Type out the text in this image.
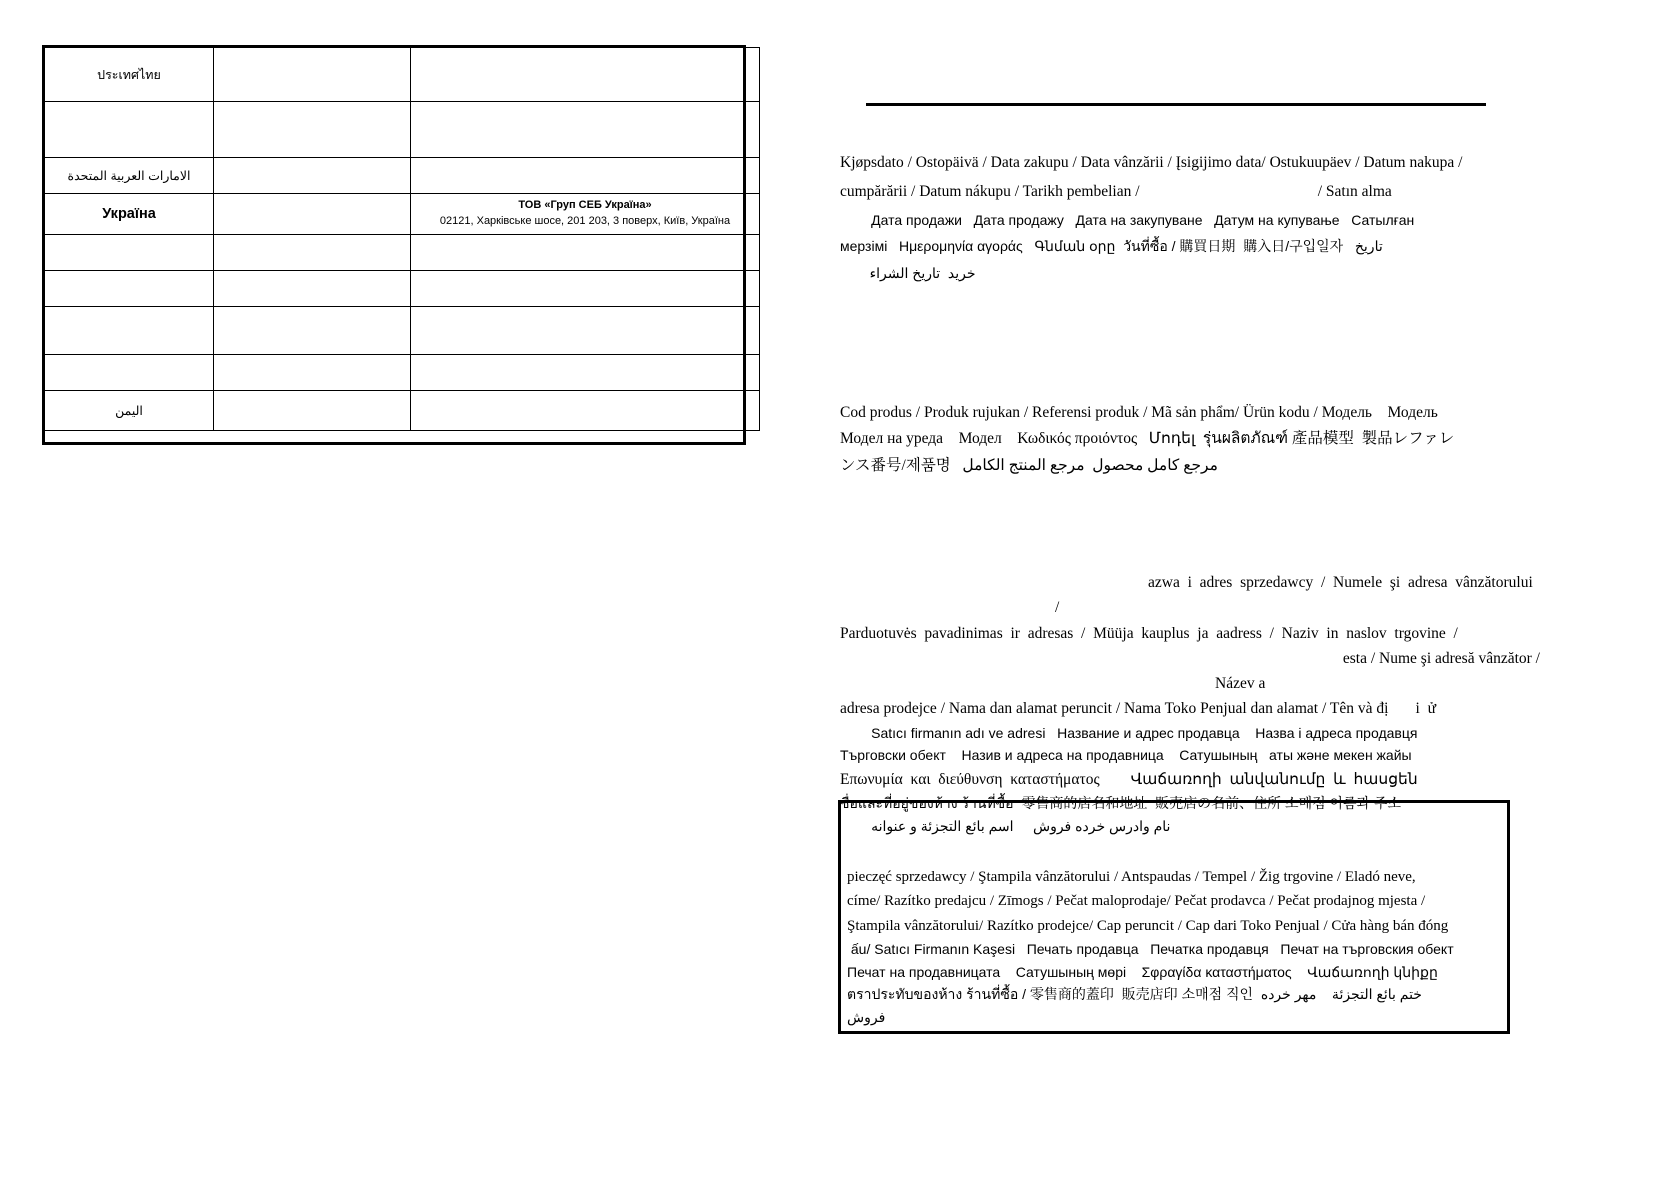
ประเทศไทย		

الامارات العربية المتحدة		
Україна		ТОВ «Груп СЕБ Україна»
02121, Харківське шосе, 201 203, 3 поверх, Київ, Україна

اليمن		
Kjøpsdato / Ostopäivä / Data zakupu / Data vânzării / Įsigijimo data/ Ostukuupäev / Datum nakupa /
cumpărării / Datum nákupu / Tarikh pembelian /                                              / Satın alma
Дата продажи   Дата продажу   Дата на закупуване   Датум на купување   Сатылған
мерзімі   Ημερομηνία αγοράς   Գնման օրը  วันที่ซื้อ / 購買日期  購入日/구입일자   تاريخ
خريد  تاريخ الشراء
Cod produs / Produk rujukan / Referensi produk / Mã sản phẩm/ Ürün kodu / Модель    Модель
Модел на уреда    Модел    Κωδικός προιόντος   Մոդել  รุ่นผลิตภัณฑ์ 產品模型  製品レファレ
ンス番号/제품명   مرجع كامل محصول  مرجع المنتج الكامل
azwa  i  adres  sprzedawcy  /  Numele  şi  adresa  vânzătorului  /
Parduotuvės  pavadinimas  ir  adresas  /  Müüja  kauplus  ja  aadress  /  Naziv  in  naslov  trgovine  /
esta / Nume şi adresă vânzător / Název a
adresa prodejce / Nama dan alamat peruncit / Nama Toko Penjual dan alamat / Tên và đị       i  ử
Satıcı firmanın adı ve adresi   Название и адрес продавца    Назва і адреса продавця
Търговски обект    Назив и адреса на продавница    Сатушының   аты және мекен жайы
Επωνυμία  και  διεύθυνση  καταστήματος        Վաճառողի  անվանումը  և  հասցեն
ชื่อและที่อยู่ของห้าง ร้านที่ซื้อ  零售商的店名和地址  販売店の名前、住所 소매점 이름과 주소
نام وادرس خرده فروش     اسم بائع التجزئة و عنوانه
pieczęć sprzedawcy / Ştampila vânzătorului / Antspaudas / Tempel / Žig trgovine / Eladó neve,
címe/ Razítko predajcu / Zīmogs / Pečat maloprodaje/ Pečat prodavca / Pečat prodajnog mjesta /
Ştampila vânzătorului/ Razítko prodejce/ Cap peruncit / Cap dari Toko Penjual / Cửa hàng bán đóng
ấu/ Satıcı Firmanın Kaşesi   Печать продавца   Печатка продавця   Печат на търговския обект
Печат на продавницата    Сатушының мөрі    Σφραγίδα καταστήματος    Վաճառողի կնիքը
ตราประทับของห้าง ร้านที่ซื้อ / 零售商的蓋印  販売店印 소매점 직인  ختم بائع التجزئة    مهر خرده
فروش
